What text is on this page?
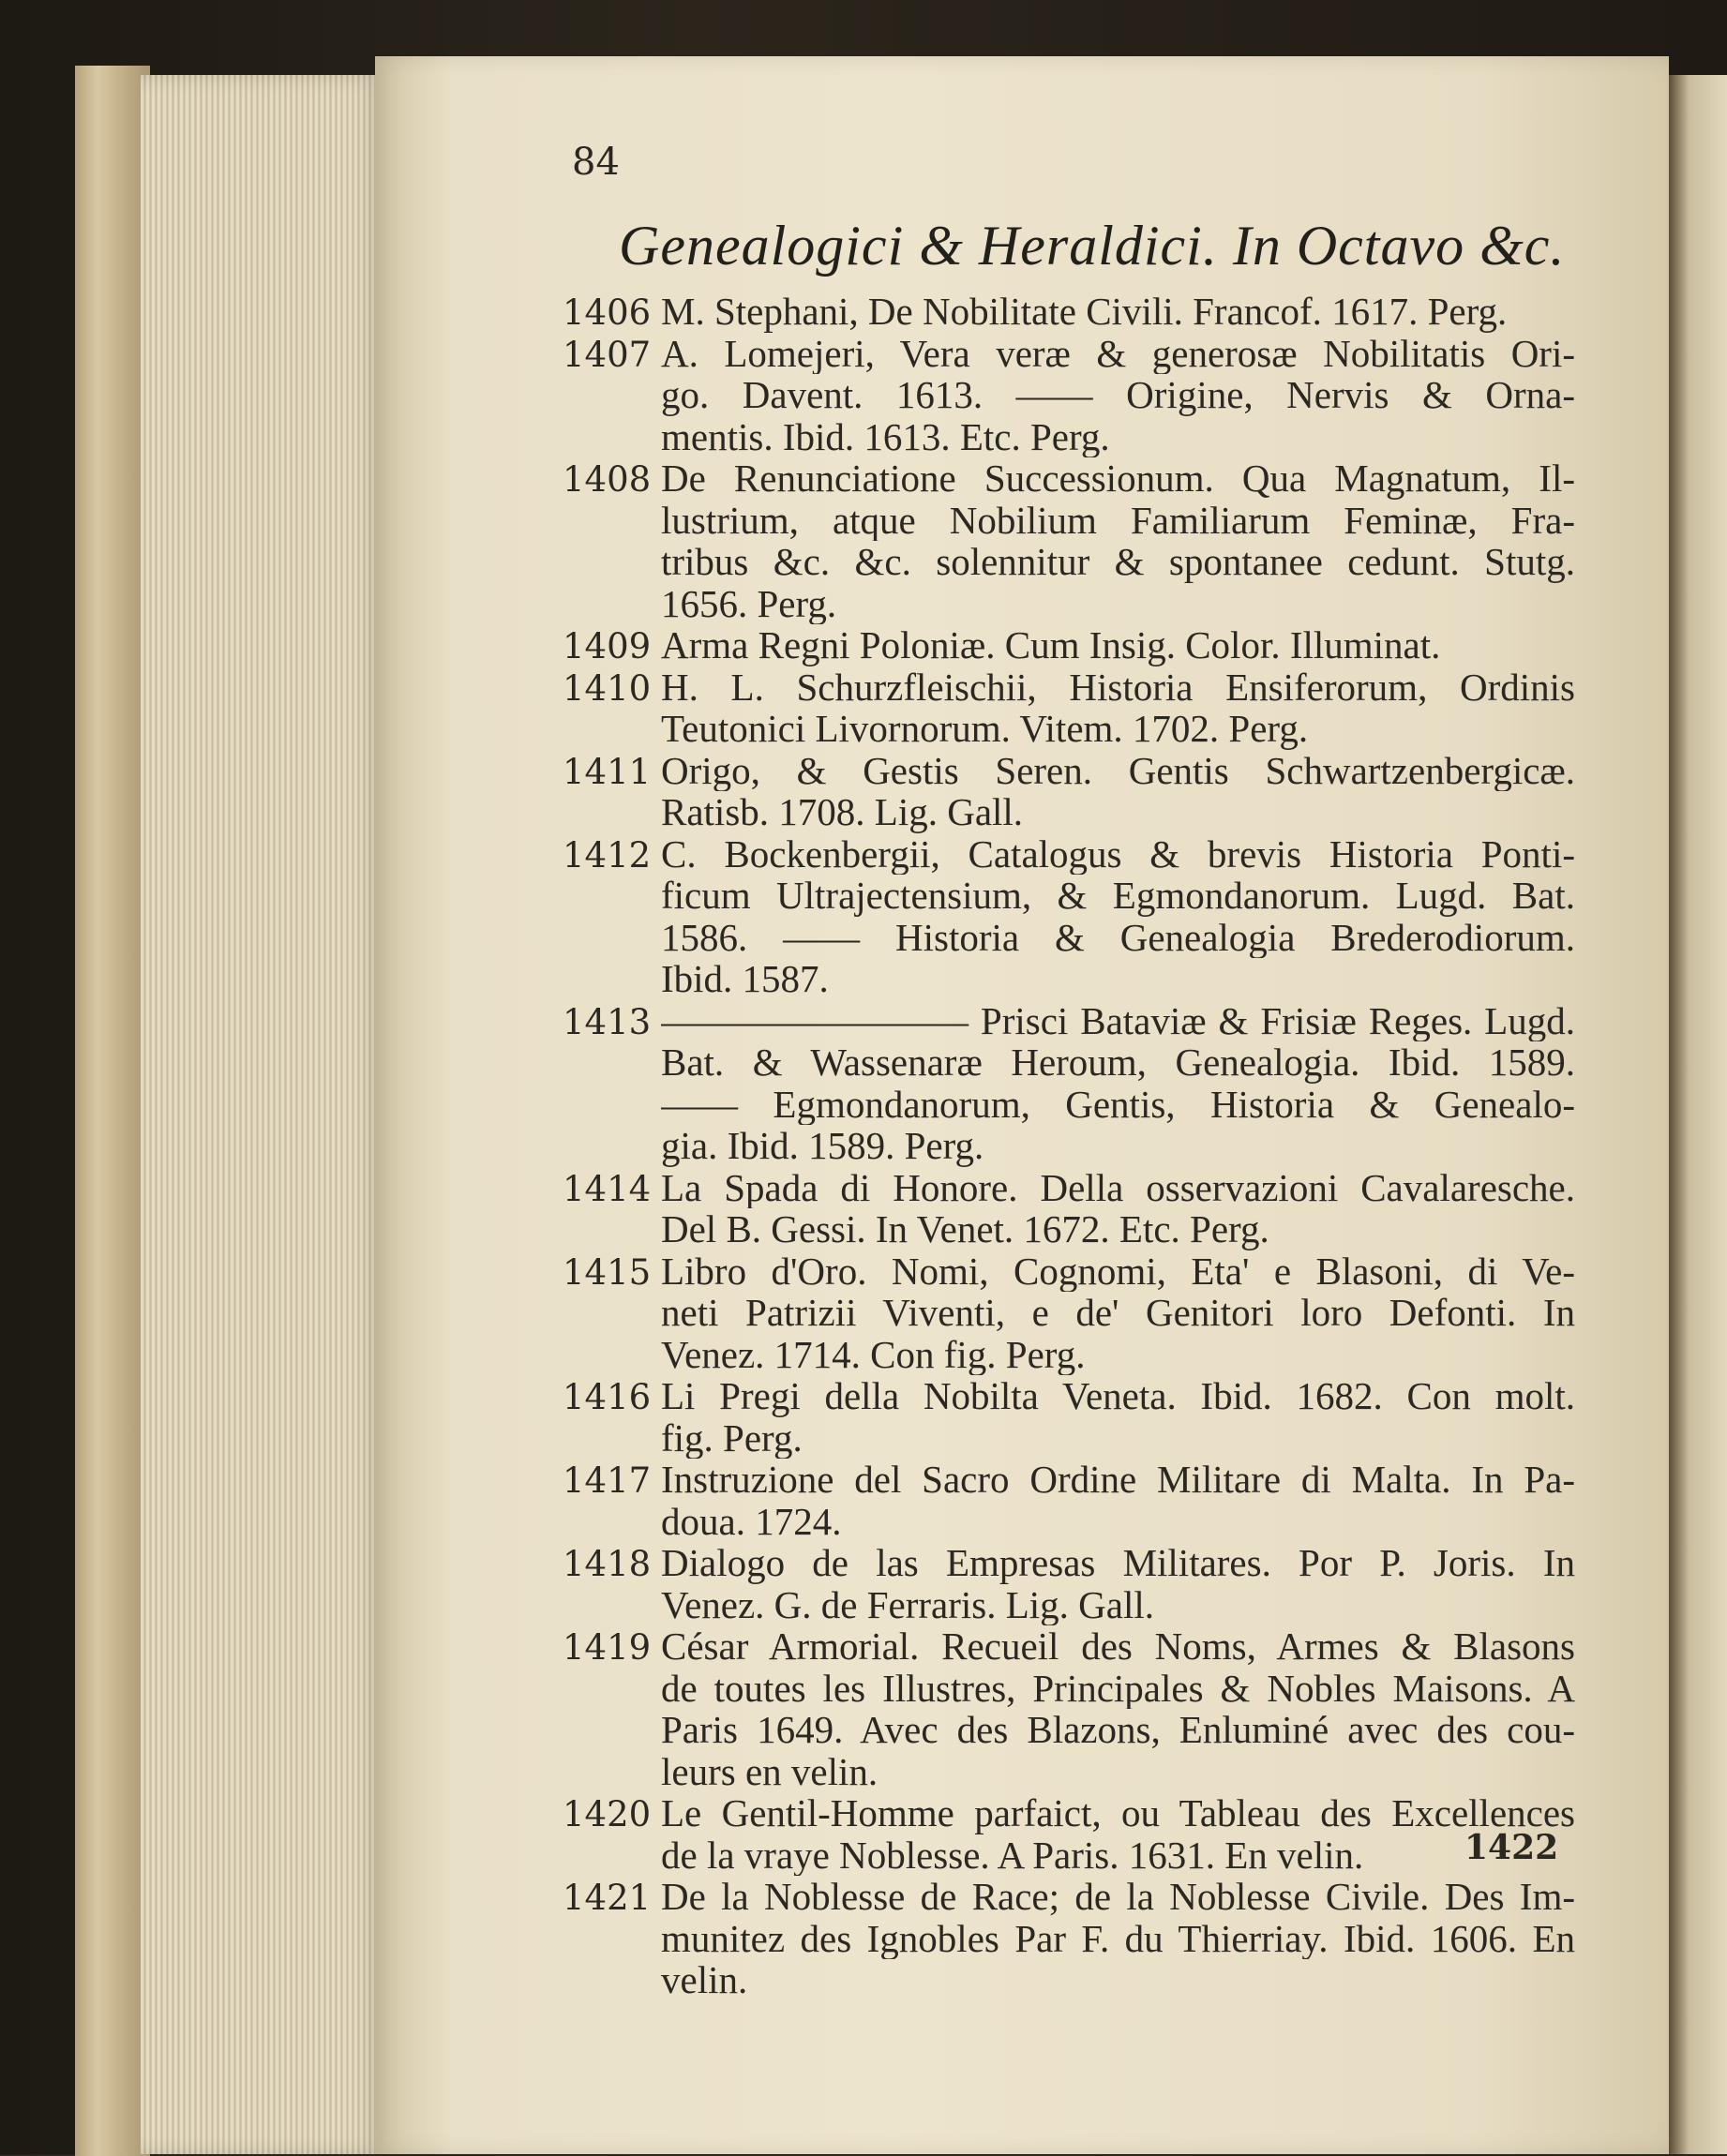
84
Genealogici & Heraldici. In Octavo &c.
1406 M. Stephani, De Nobilitate Civili. Francof. 1617. Perg.
1407 A. Lomejeri, Vera veræ & generosæ Nobilitatis Ori-
go. Davent. 1613. —— Origine, Nervis & Orna-
mentis. Ibid. 1613. Etc. Perg.
1408 De Renunciatione Successionum. Qua Magnatum, Il-
lustrium, atque Nobilium Familiarum Feminæ, Fra-
tribus &c. &c. solennitur & spontanee cedunt. Stutg.
1656. Perg.
1409 Arma Regni Poloniæ. Cum Insig. Color. Illuminat.
1410 H. L. Schurzfleischii, Historia Ensiferorum, Ordinis
Teutonici Livornorum. Vitem. 1702. Perg.
1411 Origo, & Gestis Seren. Gentis Schwartzenbergicæ.
Ratisb. 1708. Lig. Gall.
1412 C. Bockenbergii, Catalogus & brevis Historia Ponti-
ficum Ultrajectensium, & Egmondanorum. Lugd. Bat.
1586. —— Historia & Genealogia Brederodiorum.
Ibid. 1587.
1413 ———————— Prisci Bataviæ & Frisiæ Reges. Lugd.
Bat. & Wassenaræ Heroum, Genealogia. Ibid. 1589.
—— Egmondanorum, Gentis, Historia & Genealo-
gia. Ibid. 1589. Perg.
1414 La Spada di Honore. Della osservazioni Cavalaresche.
Del B. Gessi. In Venet. 1672. Etc. Perg.
1415 Libro d'Oro. Nomi, Cognomi, Eta' e Blasoni, di Ve-
neti Patrizii Viventi, e de' Genitori loro Defonti. In
Venez. 1714. Con fig. Perg.
1416 Li Pregi della Nobilta Veneta. Ibid. 1682. Con molt.
fig. Perg.
1417 Instruzione del Sacro Ordine Militare di Malta. In Pa-
doua. 1724.
1418 Dialogo de las Empresas Militares. Por P. Joris. In
Venez. G. de Ferraris. Lig. Gall.
1419 César Armorial. Recueil des Noms, Armes & Blasons
de toutes les Illustres, Principales & Nobles Maisons. A
Paris 1649. Avec des Blazons, Enluminé avec des cou-
leurs en velin.
1420 Le Gentil-Homme parfaict, ou Tableau des Excellences
de la vraye Noblesse. A Paris. 1631. En velin.
1421 De la Noblesse de Race; de la Noblesse Civile. Des Im-
munitez des Ignobles Par F. du Thierriay. Ibid. 1606. En
velin.
1422
